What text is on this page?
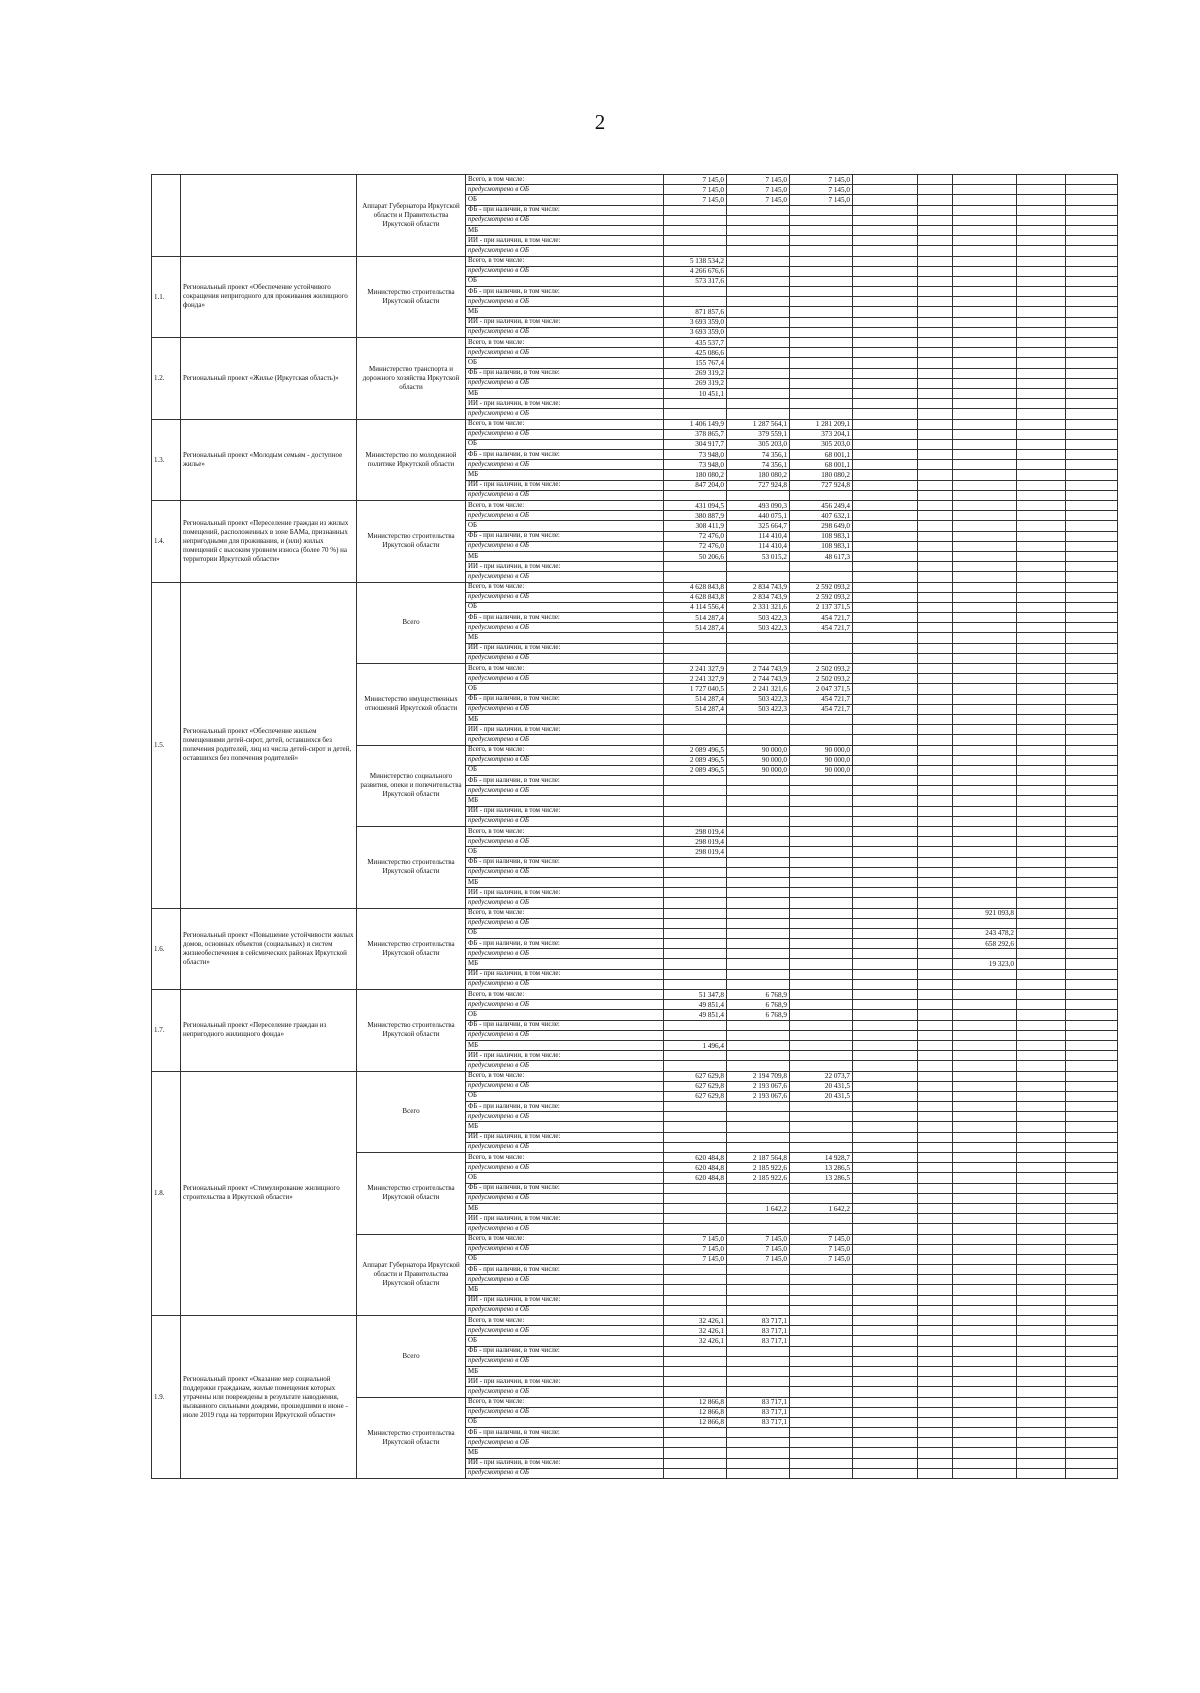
2
		Аппарат Губернатора Иркутской области и Правительства Иркутской области	Всего, в том числе:	7 145,0	7 145,0	7 145,0					
			предусмотрено в ОБ	7 145,0	7 145,0	7 145,0					
			ОБ	7 145,0	7 145,0	7 145,0					
			ФБ - при наличии, в том числе:								
			предусмотрено в ОБ								
			МБ								
			ИИ - при наличии, в том числе:								
			предусмотрено в ОБ								
1.1.	Региональный проект «Обеспечение устойчивого сокращения непригодного для проживания жилищного фонда»	Министерство строительства Иркутской области	Всего, в том числе:	5 138 534,2							
			предусмотрено в ОБ	4 266 676,6							
			ОБ	573 317,6							
			ФБ - при наличии, в том числе:								
			предусмотрено в ОБ								
			МБ	871 857,6							
			ИИ - при наличии, в том числе:	3 693 359,0							
			предусмотрено в ОБ	3 693 359,0							
1.2.	Региональный проект «Жилье (Иркутская область)»	Министерство транспорта и дорожного хозяйства Иркутской области	Всего, в том числе:	435 537,7							
			предусмотрено в ОБ	425 086,6							
			ОБ	155 767,4							
			ФБ - при наличии, в том числе:	269 319,2							
			предусмотрено в ОБ	269 319,2							
			МБ	10 451,1							
			ИИ - при наличии, в том числе:								
			предусмотрено в ОБ								
1.3.	Региональный проект «Молодым семьям - доступное жилье»	Министерство по молодежной политике Иркутской области	Всего, в том числе:	1 406 149,9	1 287 564,1	1 281 209,1					
			предусмотрено в ОБ	378 865,7	379 559,1	373 204,1					
			ОБ	304 917,7	305 203,0	305 203,0					
			ФБ - при наличии, в том числе:	73 948,0	74 356,1	68 001,1					
			предусмотрено в ОБ	73 948,0	74 356,1	68 001,1					
			МБ	180 080,2	180 080,2	180 080,2					
			ИИ - при наличии, в том числе:	847 204,0	727 924,8	727 924,8					
			предусмотрено в ОБ								
1.4.	Региональный проект «Переселение граждан из жилых помещений, расположенных в зоне БАМа, признанных непригодными для проживания, и (или) жилых помещений с высоким уровнем износа (более 70 %) на территории Иркутской области»	Министерство строительства Иркутской области	Всего, в том числе:	431 094,5	493 090,3	456 249,4					
			предусмотрено в ОБ	380 887,9	440 075,1	407 632,1					
			ОБ	308 411,9	325 664,7	298 649,0					
			ФБ - при наличии, в том числе:	72 476,0	114 410,4	108 983,1					
			предусмотрено в ОБ	72 476,0	114 410,4	108 983,1					
			МБ	50 206,6	53 015,2	48 617,3					
			ИИ - при наличии, в том числе:								
			предусмотрено в ОБ								
1.5.	Региональный проект «Обеспечение жильем помещениями детей-сирот, детей, оставшихся без попечения родителей, лиц из числа детей-сирот и детей, оставшихся без попечения родителей»	Всего	Всего, в том числе:	4 628 843,8	2 834 743,9	2 592 093,2					
			предусмотрено в ОБ	4 628 843,8	2 834 743,9	2 592 093,2					
			ОБ	4 114 556,4	2 331 321,6	2 137 371,5					
			ФБ - при наличии, в том числе:	514 287,4	503 422,3	454 721,7					
			предусмотрено в ОБ	514 287,4	503 422,3	454 721,7					
			МБ								
			ИИ - при наличии, в том числе:								
			предусмотрено в ОБ								
		Министерство имущественных отношений Иркутской области	Всего, в том числе:	2 241 327,9	2 744 743,9	2 502 093,2					
			предусмотрено в ОБ	2 241 327,9	2 744 743,9	2 502 093,2					
			ОБ	1 727 040,5	2 241 321,6	2 047 371,5					
			ФБ - при наличии, в том числе:	514 287,4	503 422,3	454 721,7					
			предусмотрено в ОБ	514 287,4	503 422,3	454 721,7					
			МБ								
			ИИ - при наличии, в том числе:								
			предусмотрено в ОБ								
		Министерство социального развития, опеки и попечительства Иркутской области	Всего, в том числе:	2 089 496,5	90 000,0	90 000,0					
			предусмотрено в ОБ	2 089 496,5	90 000,0	90 000,0					
			ОБ	2 089 496,5	90 000,0	90 000,0					
			ФБ - при наличии, в том числе:								
			предусмотрено в ОБ								
			МБ								
			ИИ - при наличии, в том числе:								
			предусмотрено в ОБ								
		Министерство строительства Иркутской области	Всего, в том числе:	298 019,4							
			предусмотрено в ОБ	298 019,4							
			ОБ	298 019,4							
			ФБ - при наличии, в том числе:								
			предусмотрено в ОБ								
			МБ								
			ИИ - при наличии, в том числе:								
			предусмотрено в ОБ								
1.6.	Региональный проект «Повышение устойчивости жилых домов, основных объектов (социальных) и систем жизнеобеспечения в сейсмических районах Иркутской области»	Министерство строительства Иркутской области	Всего, в том числе:						921 093,8		
			предусмотрено в ОБ								
			ОБ						243 478,2		
			ФБ - при наличии, в том числе:						658 292,6		
			предусмотрено в ОБ								
			МБ						19 323,0		
			ИИ - при наличии, в том числе:								
			предусмотрено в ОБ								
1.7.	Региональный проект «Переселение граждан из непригодного жилищного фонда»	Министерство строительства Иркутской области	Всего, в том числе:	51 347,8	6 768,9						
			предусмотрено в ОБ	49 851,4	6 768,9						
			ОБ	49 851,4	6 768,9						
			ФБ - при наличии, в том числе:								
			предусмотрено в ОБ								
			МБ	1 496,4							
			ИИ - при наличии, в том числе:								
			предусмотрено в ОБ								
1.8.	Региональный проект «Стимулирование жилищного строительства в Иркутской области»	Всего	Всего, в том числе:	627 629,8	2 194 709,8	22 073,7					
			предусмотрено в ОБ	627 629,8	2 193 067,6	20 431,5					
			ОБ	627 629,8	2 193 067,6	20 431,5					
			ФБ - при наличии, в том числе:								
			предусмотрено в ОБ								
			МБ								
			ИИ - при наличии, в том числе:								
			предусмотрено в ОБ								
		Министерство строительства Иркутской области	Всего, в том числе:	620 484,8	2 187 564,8	14 928,7					
			предусмотрено в ОБ	620 484,8	2 185 922,6	13 286,5					
			ОБ	620 484,8	2 185 922,6	13 286,5					
			ФБ - при наличии, в том числе:								
			предусмотрено в ОБ								
			МБ		1 642,2	1 642,2					
			ИИ - при наличии, в том числе:								
			предусмотрено в ОБ								
		Аппарат Губернатора Иркутской области и Правительства Иркутской области	Всего, в том числе:	7 145,0	7 145,0	7 145,0					
			предусмотрено в ОБ	7 145,0	7 145,0	7 145,0					
			ОБ	7 145,0	7 145,0	7 145,0					
			ФБ - при наличии, в том числе:								
			предусмотрено в ОБ								
			МБ								
			ИИ - при наличии, в том числе:								
			предусмотрено в ОБ								
1.9.	Региональный проект «Оказание мер социальной поддержки гражданам, жилые помещения которых утрачены или повреждены в результате наводнения, вызванного сильными дождями, прошедшими в июне - июле 2019 года на территории Иркутской области»	Всего	Всего, в том числе:	32 426,1	83 717,1						
			предусмотрено в ОБ	32 426,1	83 717,1						
			ОБ	32 426,1	83 717,1						
			ФБ - при наличии, в том числе:								
			предусмотрено в ОБ								
			МБ								
			ИИ - при наличии, в том числе:								
			предусмотрено в ОБ								
		Министерство строительства Иркутской области	Всего, в том числе:	12 866,8	83 717,1						
			предусмотрено в ОБ	12 866,8	83 717,1						
			ОБ	12 866,8	83 717,1						
			ФБ - при наличии, в том числе:								
			предусмотрено в ОБ								
			МБ								
			ИИ - при наличии, в том числе:								
			предусмотрено в ОБ								
